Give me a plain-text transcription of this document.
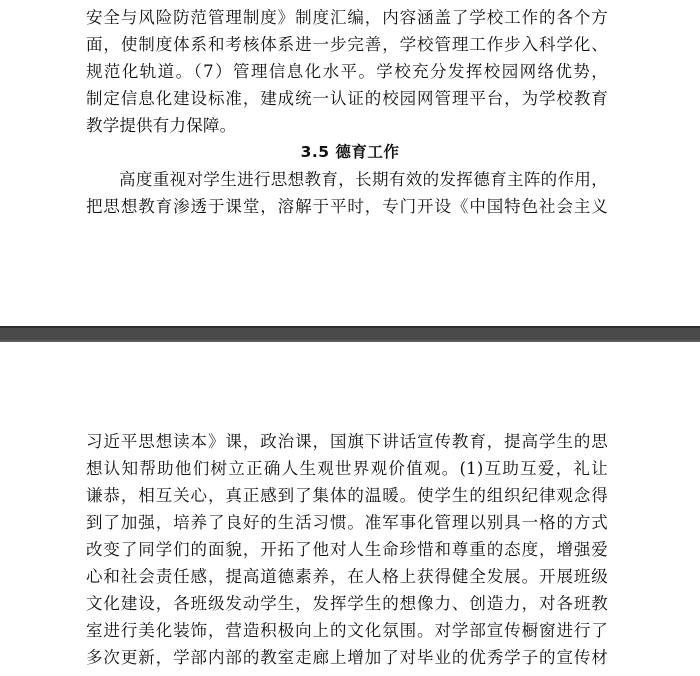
安全与风险防范管理制度》制度汇编，内容涵盖了学校工作的各个方
面，使制度体系和考核体系进一步完善，学校管理工作步入科学化、
规范化轨道。（7）管理信息化水平。学校充分发挥校园网络优势，
制定信息化建设标准，建成统一认证的校园网管理平台，为学校教育
教学提供有力保障。
3.5 德育工作
高度重视对学生进行思想教育，长期有效的发挥德育主阵的作用，
把思想教育渗透于课堂，溶解于平时，专门开设《中国特色社会主义
习近平思想读本》课，政治课，国旗下讲话宣传教育，提高学生的思
想认知帮助他们树立正确人生观世界观价值观。(1)互助互爱，礼让
谦恭，相互关心，真正感到了集体的温暖。使学生的组织纪律观念得
到了加强，培养了良好的生活习惯。准军事化管理以别具一格的方式
改变了同学们的面貌，开拓了他对人生命珍惜和尊重的态度，增强爱
心和社会责任感，提高道德素养，在人格上获得健全发展。开展班级
文化建设，各班级发动学生，发挥学生的想像力、创造力，对各班教
室进行美化装饰，营造积极向上的文化氛围。对学部宣传橱窗进行了
多次更新，学部内部的教室走廊上增加了对毕业的优秀学子的宣传材
